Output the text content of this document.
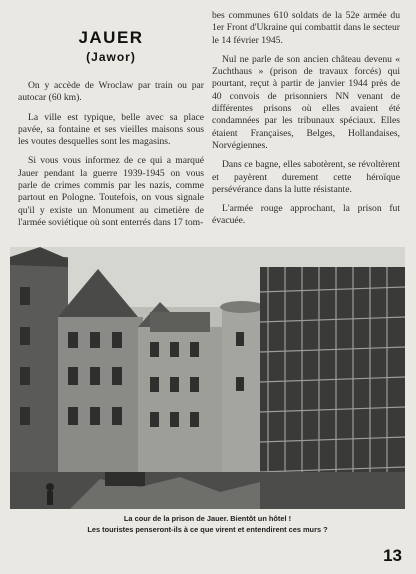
JAUER
(Jawor)

On y accède de Wroclaw par train ou par autocar (60 km).

La ville est typique, belle avec sa place pavée, sa fontaine et ses vieilles maisons sous les voutes desquelles sont les magasins.

Si vous vous informez de ce qui a marqué Jauer pendant la guerre 1939-1945 on vous parle de crimes commis par les nazis, comme partout en Pologne. Toutefois, on vous signale qu'il y existe un Monument au cimetière de l'armée soviétique où sont enterrés dans 17 tom-

bes communes 610 soldats de la 52e armée du 1er Front d'Ukraine qui combattit dans le secteur le 14 février 1945.

Nul ne parle de son ancien château devenu « Zuchthaus » (prison de travaux forcés) qui pourtant, reçut à partir de janvier 1944 près de 40 convois de prisonniers NN venant de différentes prisons où elles avaient été condamnées par les tribunaux spéciaux. Elles étaient Françaises, Belges, Hollandaises, Norvégiennes.

Dans ce bagne, elles sabotèrent, se révoltèrent et payèrent durement cette héroïque persévérance dans la lutte résistante.

L'armée rouge approchant, la prison fut évacuée.

La cour de la prison de Jauer. Bientôt un hôtel !
Les touristes penseront-ils à ce que virent et entendirent ces murs ?
13
